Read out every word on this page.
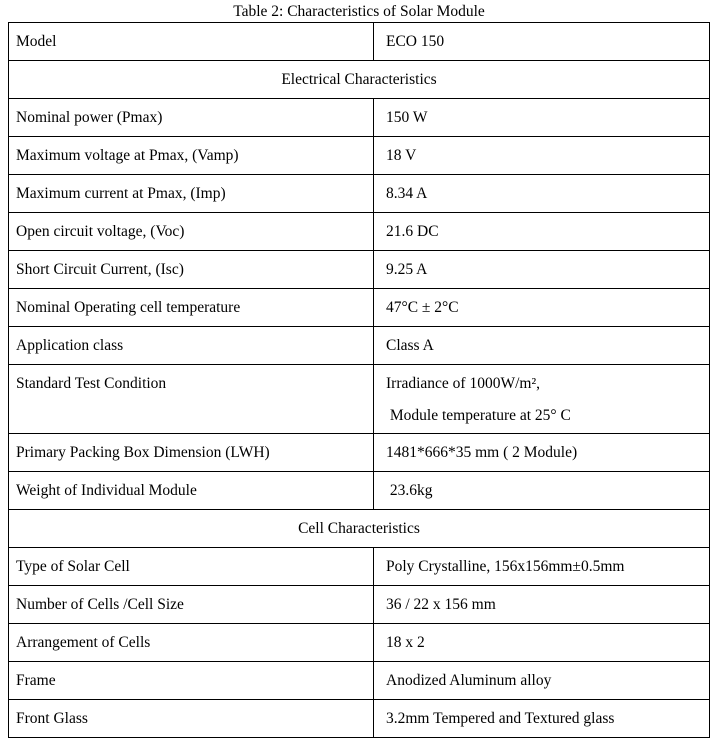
Table 2: Characteristics of Solar Module
Model	ECO 150
Electrical Characteristics	
Nominal power (Pmax)	150 W
Maximum voltage at Pmax, (Vamp)	18 V
Maximum current at Pmax, (Imp)	8.34 A
Open circuit voltage, (Voc)	21.6 DC
Short Circuit Current, (Isc)	9.25 A
Nominal Operating cell temperature	47°C ± 2°C
Application class	Class A
Standard Test Condition	Irradiance of 1000W/m²,
Module temperature at 25° C

Primary Packing Box Dimension (LWH)	1481*666*35 mm ( 2 Module)
Weight of Individual Module	23.6kg
Cell Characteristics	
Type of Solar Cell	Poly Crystalline, 156x156mm±0.5mm
Number of Cells /Cell Size	36 / 22 x 156 mm
Arrangement of Cells	18 x 2
Frame	Anodized Aluminum alloy
Front Glass	3.2mm Tempered and Textured glass
